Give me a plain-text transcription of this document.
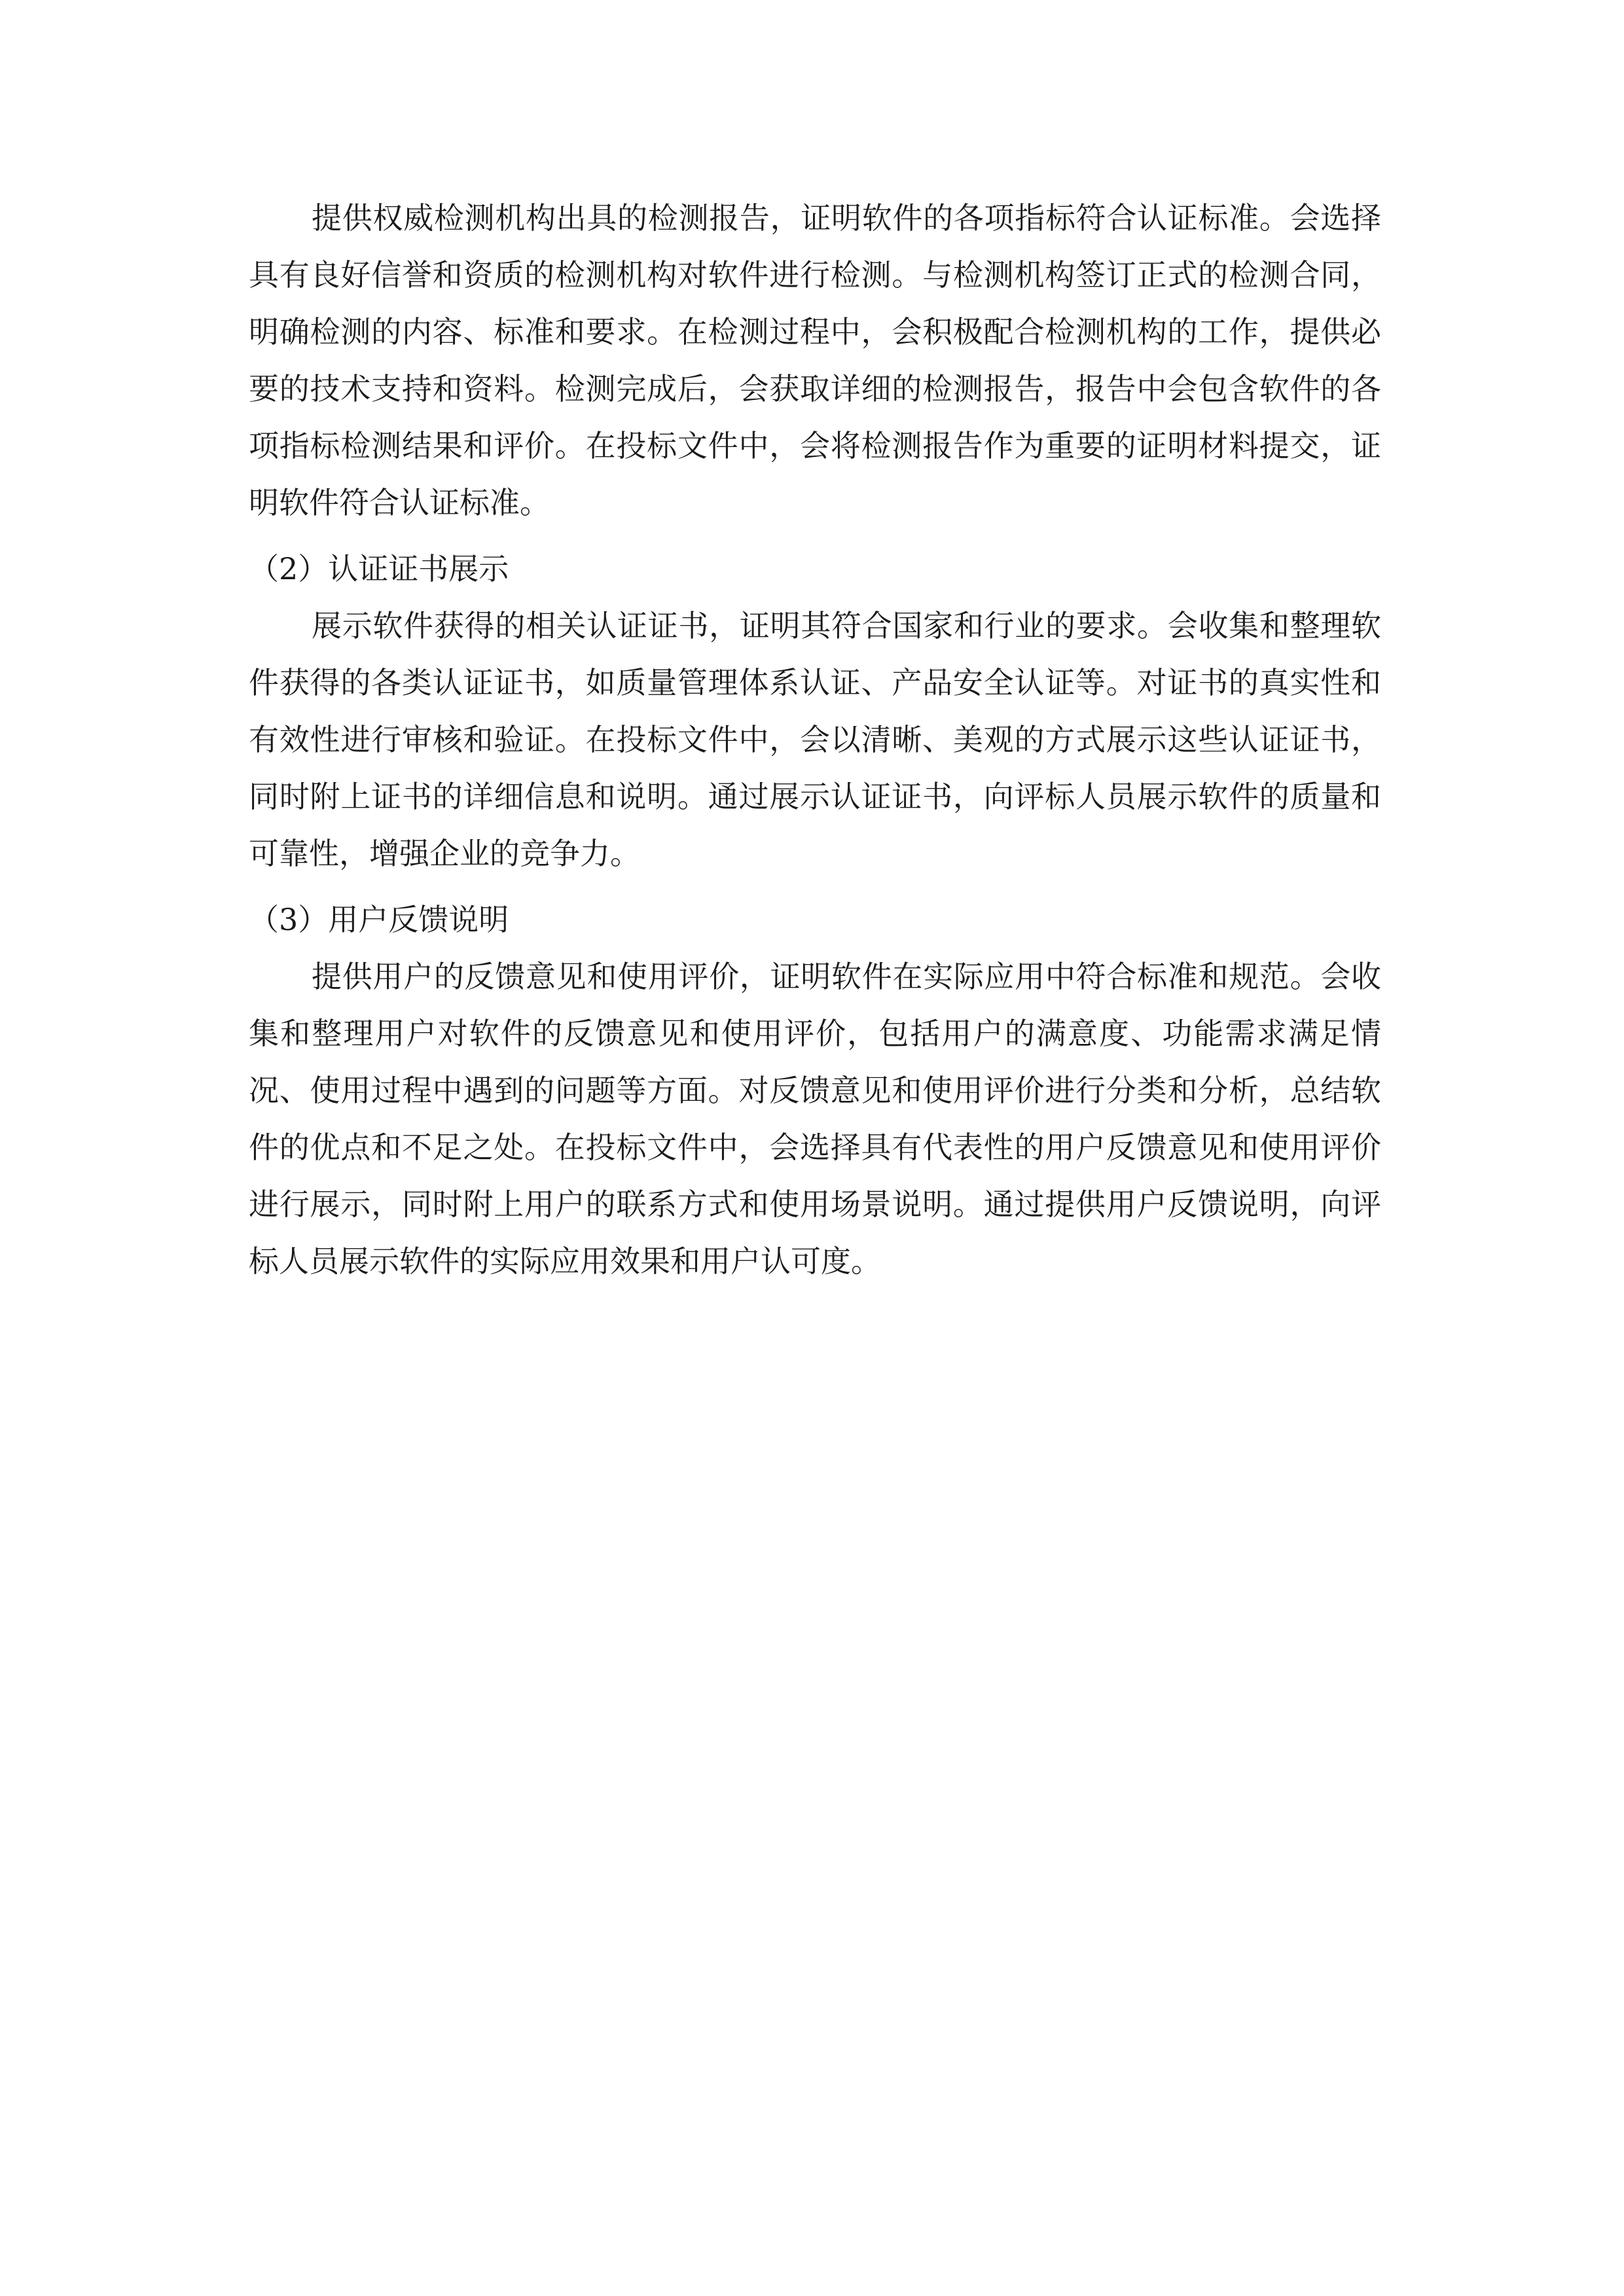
提供权威检测机构出具的检测报告，证明软件的各项指标符合认证标准。会选择具有良好信誉和资质的检测机构对软件进行检测。与检测机构签订正式的检测合同，明确检测的内容、标准和要求。在检测过程中，会积极配合检测机构的工作，提供必要的技术支持和资料。检测完成后，会获取详细的检测报告，报告中会包含软件的各项指标检测结果和评价。在投标文件中，会将检测报告作为重要的证明材料提交，证明软件符合认证标准。

（2）认证证书展示

展示软件获得的相关认证证书，证明其符合国家和行业的要求。会收集和整理软件获得的各类认证证书，如质量管理体系认证、产品安全认证等。对证书的真实性和有效性进行审核和验证。在投标文件中，会以清晰、美观的方式展示这些认证证书，同时附上证书的详细信息和说明。通过展示认证证书，向评标人员展示软件的质量和可靠性，增强企业的竞争力。

（3）用户反馈说明

提供用户的反馈意见和使用评价，证明软件在实际应用中符合标准和规范。会收集和整理用户对软件的反馈意见和使用评价，包括用户的满意度、功能需求满足情况、使用过程中遇到的问题等方面。对反馈意见和使用评价进行分类和分析，总结软件的优点和不足之处。在投标文件中，会选择具有代表性的用户反馈意见和使用评价进行展示，同时附上用户的联系方式和使用场景说明。通过提供用户反馈说明，向评标人员展示软件的实际应用效果和用户认可度。
